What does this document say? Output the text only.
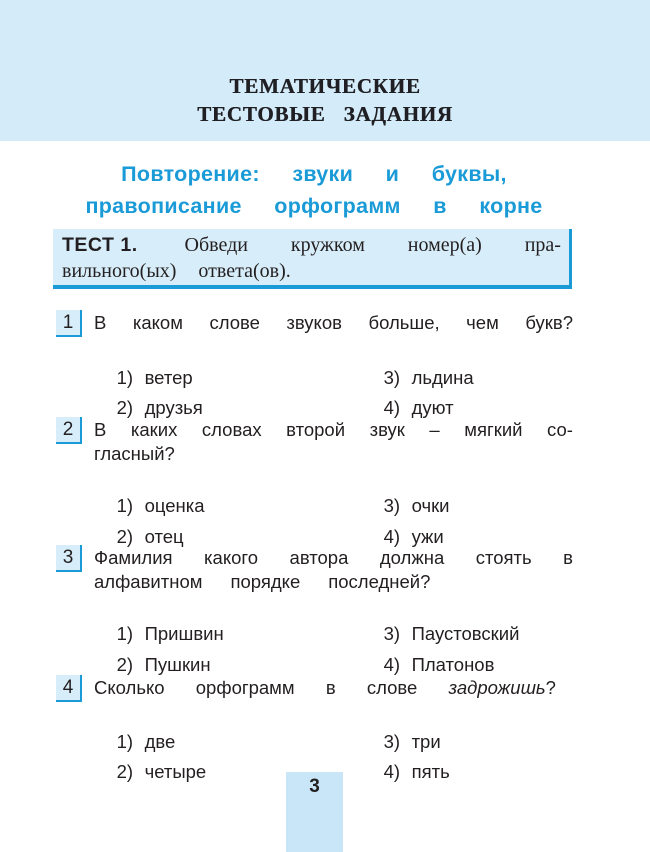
ТЕМАТИЧЕСКИЕ
ТЕСТОВЫЕ   ЗАДАНИЯ
Повторение:  звуки  и  буквы,
правописание  орфограмм  в  корне
ТЕСТ 1. Обведи кружком номер(а) пра-
вильного(ых) ответа(ов).
1	В каком слове звуков больше, чем букв?

1) ветер

2) друзья

3) льдина

4) дуют

2	В каких словах второй звук – мягкий со-
гласный?

1) оценка

2) отец

3) очки

4) ужи

3	Фамилия какого автора должна стоять в
алфавитном порядке последней?

1) Пришвин

2) Пушкин

3) Паустовский

4) Платонов

4	Сколько орфограмм в слове задрожишь?

1) две

2) четыре

3) три

4) пять

3
